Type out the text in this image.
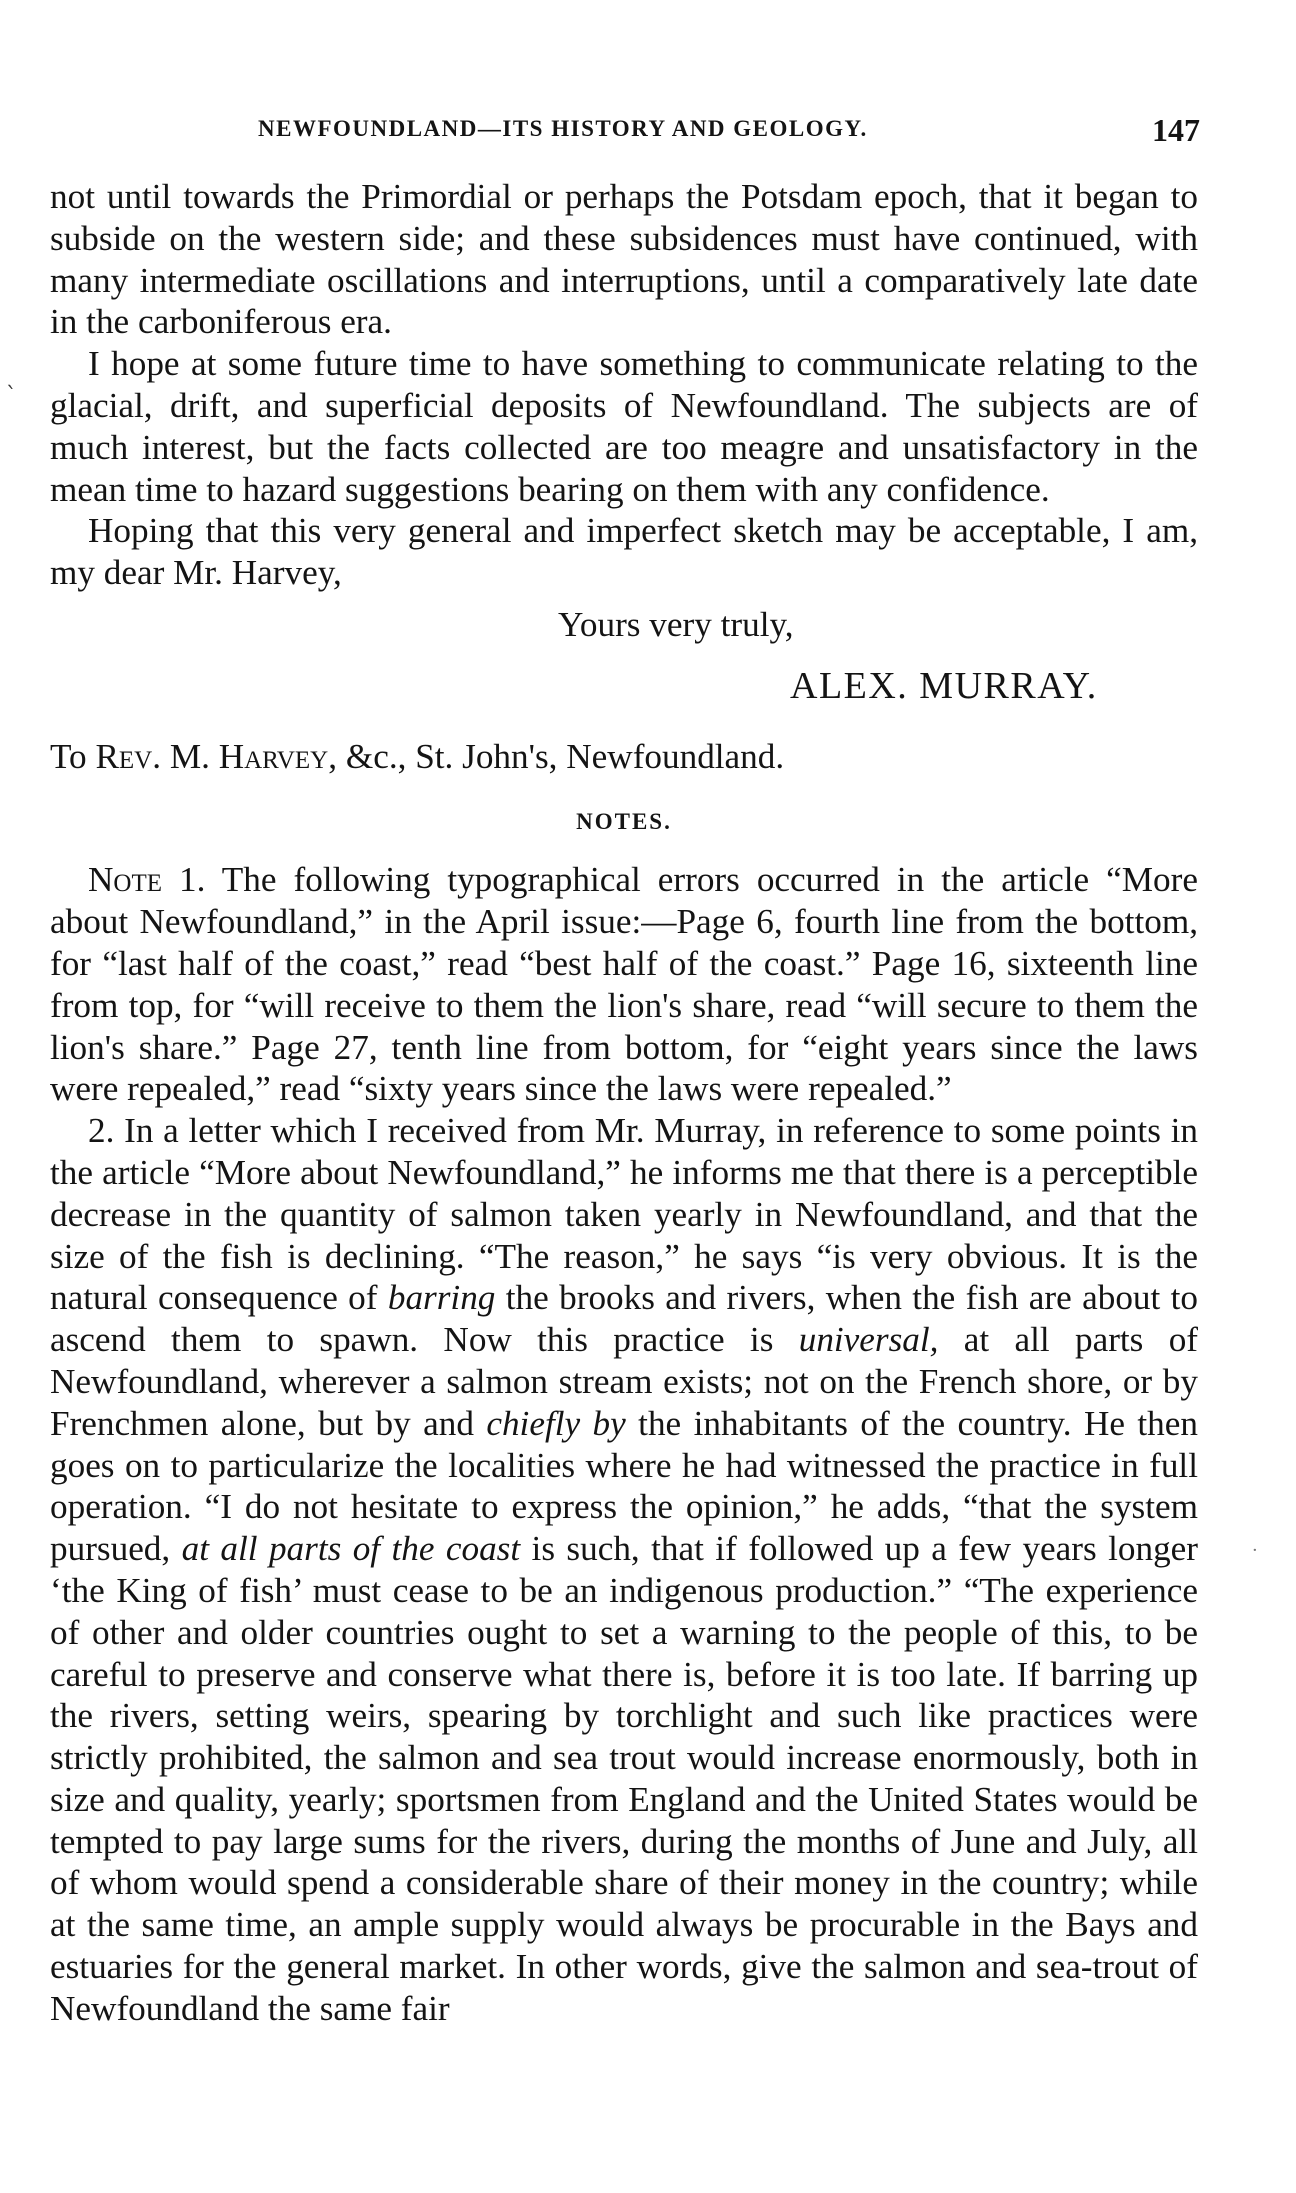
ˋ
·
NEWFOUNDLAND—ITS HISTORY AND GEOLOGY.	147

not until towards the Primordial or perhaps the Potsdam epoch, that it began to subside on the western side; and these subsidences must have continued, with many intermediate oscillations and interruptions, until a comparatively late date in the carboniferous era.

I hope at some future time to have something to communicate relating to the glacial, drift, and superficial deposits of Newfoundland. The subjects are of much interest, but the facts collected are too meagre and unsatisfactory in the mean time to hazard suggestions bearing on them with any confidence.

Hoping that this very general and imperfect sketch may be acceptable, I am, my dear Mr. Harvey,

Yours very truly,

ALEX. MURRAY.

To Rev. M. Harvey, &c., St. John's, Newfoundland.

NOTES.

Note 1. The following typographical errors occurred in the article “More about Newfoundland,” in the April issue:—Page 6, fourth line from the bottom, for “last half of the coast,” read “best half of the coast.” Page 16, sixteenth line from top, for “will receive to them the lion's share, read “will secure to them the lion's share.” Page 27, tenth line from bottom, for “eight years since the laws were repealed,” read “sixty years since the laws were repealed.”

2. In a letter which I received from Mr. Murray, in reference to some points in the article “More about Newfoundland,” he informs me that there is a perceptible decrease in the quantity of salmon taken yearly in Newfoundland, and that the size of the fish is declining. “The reason,” he says “is very obvious. It is the natural consequence of barring the brooks and rivers, when the fish are about to ascend them to spawn. Now this practice is universal, at all parts of Newfoundland, wherever a salmon stream exists; not on the French shore, or by Frenchmen alone, but by and chiefly by the inhabitants of the country. He then goes on to particularize the localities where he had witnessed the practice in full operation. “I do not hesitate to express the opinion,” he adds, “that the system pursued, at all parts of the coast is such, that if followed up a few years longer ‘the King of fish’ must cease to be an indigenous production.” “The experience of other and older countries ought to set a warning to the people of this, to be careful to preserve and conserve what there is, before it is too late. If barring up the rivers, setting weirs, spearing by torchlight and such like practices were strictly prohibited, the salmon and sea trout would increase enormously, both in size and quality, yearly; sportsmen from England and the United States would be tempted to pay large sums for the rivers, during the months of June and July, all of whom would spend a considerable share of their money in the country; while at the same time, an ample supply would always be procurable in the Bays and estuaries for the general market. In other words, give the salmon and sea-trout of Newfoundland the same fair
